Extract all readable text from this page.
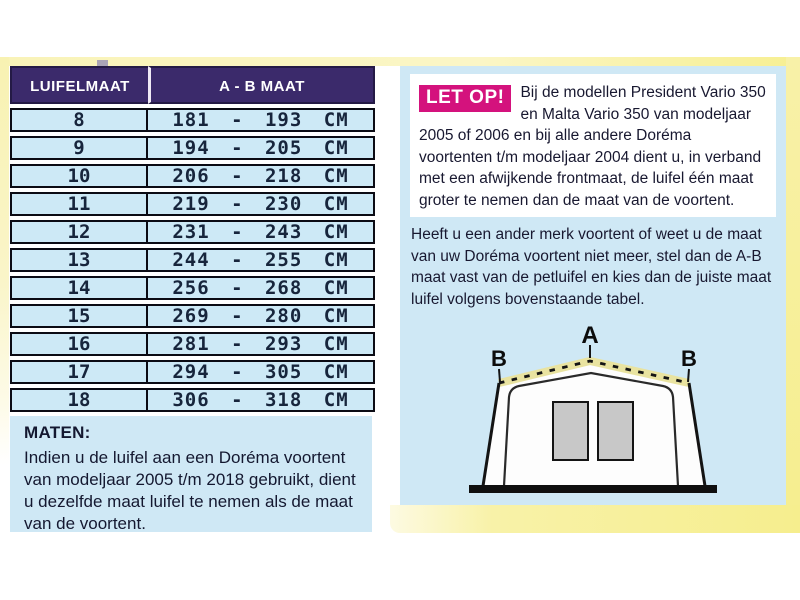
LUIFELMAAT	A - B MAAT
8	181 - 193 CM
9	194 - 205 CM
10	206 - 218 CM
11	219 - 230 CM
12	231 - 243 CM
13	244 - 255 CM
14	256 - 268 CM
15	269 - 280 CM
16	281 - 293 CM
17	294 - 305 CM
18	306 - 318 CM
MATEN:

Indien u de luifel aan een Doréma voortent van modeljaar 2005 t/m 2018 gebruikt, dient u dezelfde maat luifel te nemen als de maat van de voortent.

LET OP!	Bij de modellen President Vario 350 en Malta Vario 350 van modeljaar 2005 of 2006 en bij alle andere Doréma voortenten t/m modeljaar 2004 dient u, in verband met een afwijkende frontmaat, de luifel één maat groter te nemen dan de maat van de voortent.

Heeft u een ander merk voortent of weet u de maat van uw Doréma voortent niet meer, stel dan de A-B maat vast van de petluifel en kies dan de juiste maat luifel volgens bovenstaande tabel.

A
B	B
